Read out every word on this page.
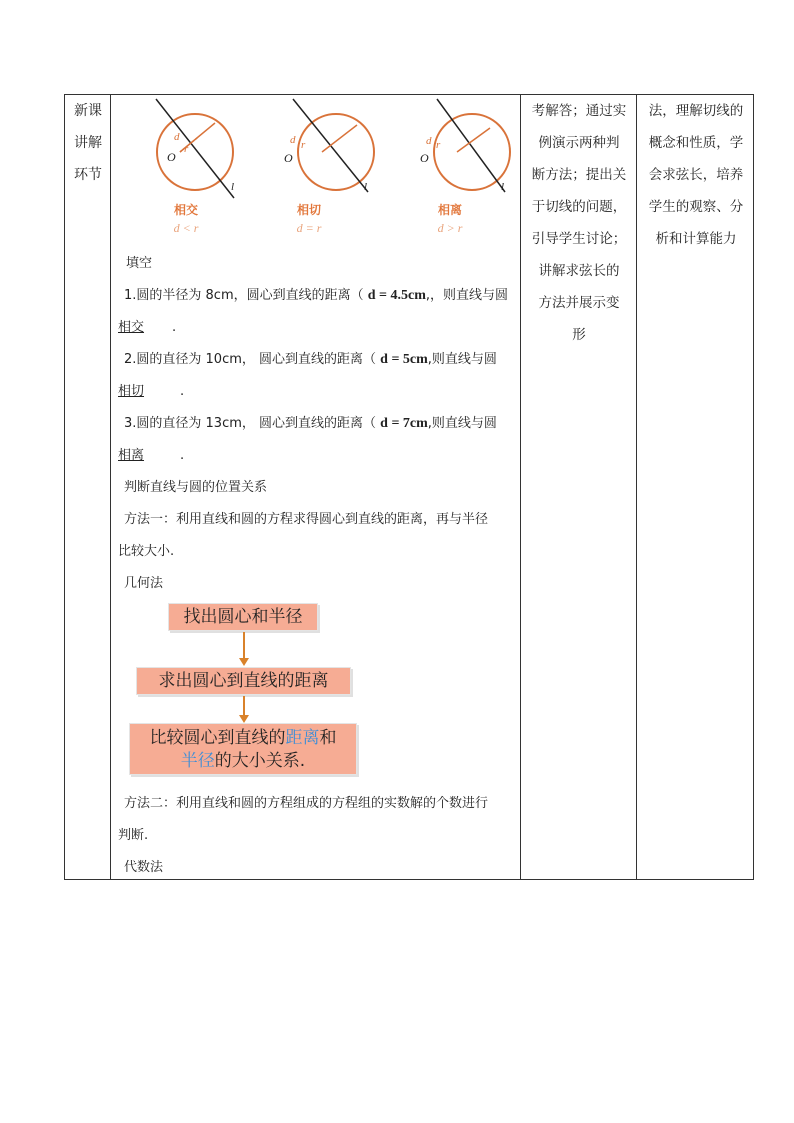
新课
讲解
环节
O
d
r
l
O
d r
l
O
d r
l
相交
d < r
相切
d = r
相离
d > r
填空
1.圆的半径为 8cm，圆心到直线的距离（ d = 4.5cm,，则直线与圆
相交 .
2.圆的直径为 10cm， 圆心到直线的距离（ d = 5cm,则直线与圆
相切	.
3.圆的直径为 13cm， 圆心到直线的距离（ d = 7cm,则直线与圆
相离	.
判断直线与圆的位置关系
方法一：利用直线和圆的方程求得圆心到直线的距离，再与半径
比较大小.
几何法
找出圆心和半径
求出圆心到直线的距离
比较圆心到直线的距离和
半径的大小关系.
方法二：利用直线和圆的方程组成的方程组的实数解的个数进行
判断.
代数法
考解答；通过实
例演示两种判
断方法；提出关
于切线的问题，
引导学生讨论；
讲解求弦长的
方法并展示变
形
法，理解切线的
概念和性质，学
会求弦长，培养
学生的观察、分
析和计算能力
